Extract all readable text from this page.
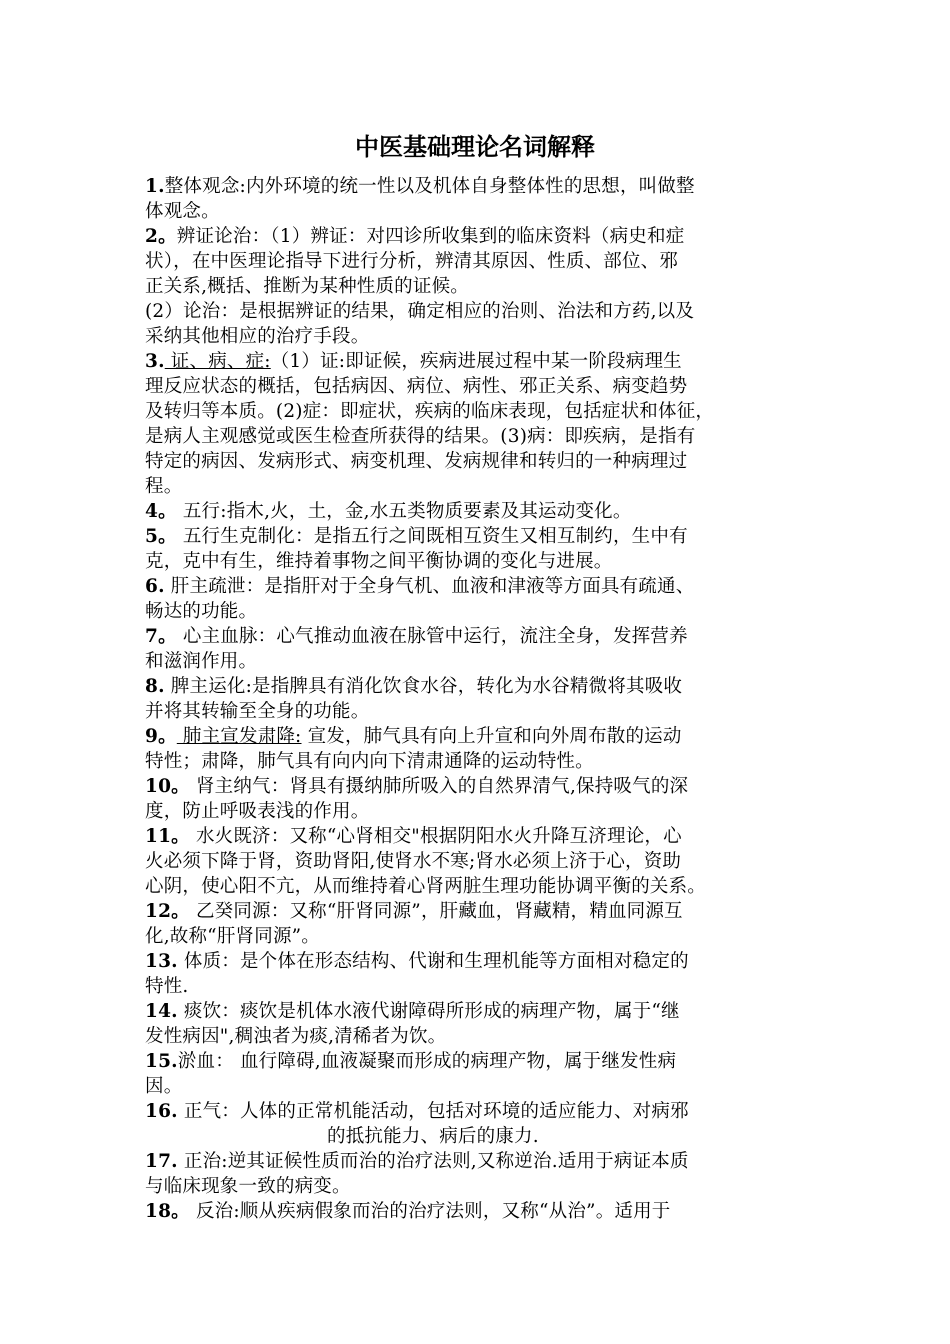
中医基础理论名词解释
1.整体观念:内外环境的统一性以及机体自身整体性的思想，叫做整
体观念。
2。辨证论治：（1）辨证：对四诊所收集到的临床资料（病史和症
状），在中医理论指导下进行分析，辨清其原因、性质、部位、邪
正关系,概括、推断为某种性质的证候。
(2）论治：是根据辨证的结果，确定相应的治则、治法和方药,以及
采纳其他相应的治疗手段。
3. 证、病、症:（1）证:即证候，疾病进展过程中某一阶段病理生
理反应状态的概括，包括病因、病位、病性、邪正关系、病变趋势
及转归等本质。(2)症：即症状，疾病的临床表现，包括症状和体征，
是病人主观感觉或医生检查所获得的结果。(3)病：即疾病，是指有
特定的病因、发病形式、病变机理、发病规律和转归的一种病理过
程。
4。 五行:指木,火，土，金,水五类物质要素及其运动变化。
5。 五行生克制化：是指五行之间既相互资生又相互制约，生中有
克，克中有生，维持着事物之间平衡协调的变化与进展。
6. 肝主疏泄：是指肝对于全身气机、血液和津液等方面具有疏通、
畅达的功能。
7。 心主血脉：心气推动血液在脉管中运行，流注全身，发挥营养
和滋润作用。
8. 脾主运化:是指脾具有消化饮食水谷，转化为水谷精微将其吸收
并将其转输至全身的功能。
9。 肺主宣发肃降: 宣发，肺气具有向上升宣和向外周布散的运动
特性；肃降，肺气具有向内向下清肃通降的运动特性。
10。 肾主纳气：肾具有摄纳肺所吸入的自然界清气,保持吸气的深
度，防止呼吸表浅的作用。
11。 水火既济：又称“心肾相交"根据阴阳水火升降互济理论，心
火必须下降于肾，资助肾阳,使肾水不寒;肾水必须上济于心，资助
心阴，使心阳不亢，从而维持着心肾两脏生理功能协调平衡的关系。
12。 乙癸同源：又称“肝肾同源”，肝藏血，肾藏精，精血同源互
化,故称“肝肾同源”。
13. 体质：是个体在形态结构、代谢和生理机能等方面相对稳定的
特性.
14. 痰饮：痰饮是机体水液代谢障碍所形成的病理产物，属于“继
发性病因",稠浊者为痰,清稀者为饮。
15.淤血： 血行障碍,血液凝聚而形成的病理产物，属于继发性病
因。
16. 正气：人体的正常机能活动，包括对环境的适应能力、对病邪
的抵抗能力、病后的康力.
17. 正治:逆其证候性质而治的治疗法则,又称逆治.适用于病证本质
与临床现象一致的病变。
18。 反治:顺从疾病假象而治的治疗法则，又称“从治”。适用于
